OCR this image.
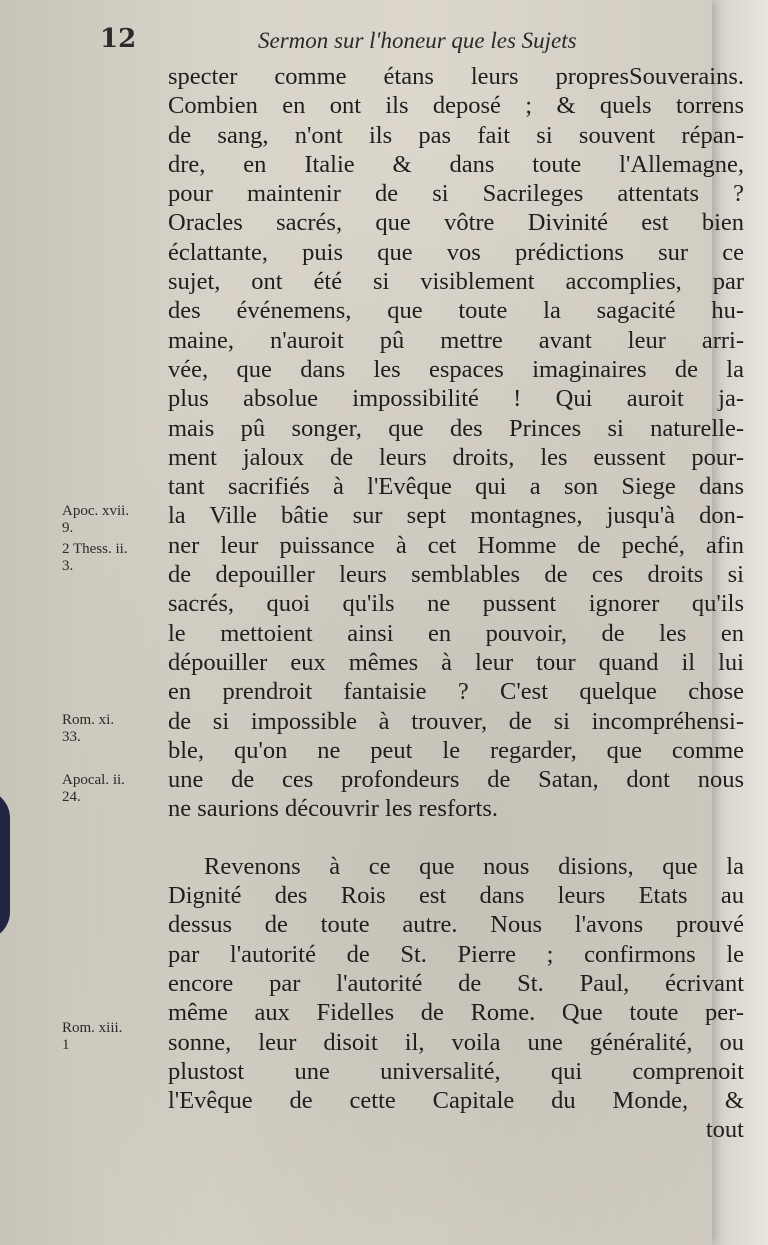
12	Sermon sur l'honeur que les Sujets
Apoc. xvii.
9.
2 Thess. ii.
3.
Rom. xi.
33.
Apocal. ii.
24.
Rom. xiii.
1
specter comme étans leurs propresSouverains.
Combien en ont ils deposé ; & quels torrens
de sang, n'ont ils pas fait si souvent répan-
dre, en Italie & dans toute l'Allemagne,
pour maintenir de si Sacrileges attentats ?
Oracles sacrés, que vôtre Divinité est bien
éclattante, puis que vos prédictions sur ce
sujet, ont été si visiblement accomplies, par
des événemens, que toute la sagacité hu-
maine, n'auroit pû mettre avant leur arri-
vée, que dans les espaces imaginaires de la
plus absolue impossibilité ! Qui auroit ja-
mais pû songer, que des Princes si naturelle-
ment jaloux de leurs droits, les eussent pour-
tant sacrifiés à l'Evêque qui a son Siege dans
la Ville bâtie sur sept montagnes, jusqu'à don-
ner leur puissance à cet Homme de peché, afin
de depouiller leurs semblables de ces droits si
sacrés, quoi qu'ils ne pussent ignorer qu'ils
le mettoient ainsi en pouvoir, de les en
dépouiller eux mêmes à leur tour quand il lui
en prendroit fantaisie ? C'est quelque chose
de si impossible à trouver, de si incompréhensi-
ble, qu'on ne peut le regarder, que comme
une de ces profondeurs de Satan, dont nous
ne saurions découvrir les resforts.
Revenons à ce que nous disions, que la
Dignité des Rois est dans leurs Etats au
dessus de toute autre. Nous l'avons prouvé
par l'autorité de St. Pierre ; confirmons le
encore par l'autorité de St. Paul, écrivant
même aux Fidelles de Rome. Que toute per-
sonne, leur disoit il, voila une généralité, ou
plustost une universalité, qui comprenoit
l'Evêque de cette Capitale du Monde, &
tout
